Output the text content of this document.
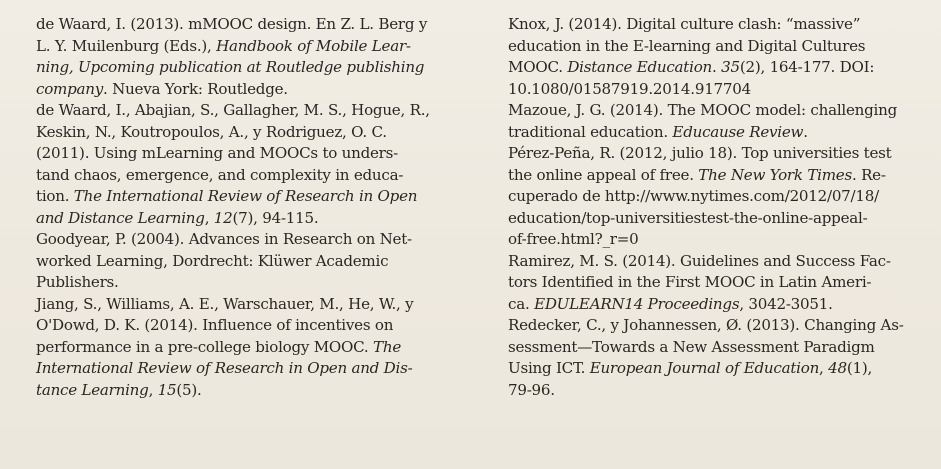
de Waard, I. (2013). mMOOC design. En Z. L. Berg y
L. Y. Muilenburg (Eds.), Handbook of Mobile Lear-
ning, Upcoming publication at Routledge publishing
company. Nueva York: Routledge.
de Waard, I., Abajian, S., Gallagher, M. S., Hogue, R.,
Keskin, N., Koutropoulos, A., y Rodriguez, O. C.
(2011). Using mLearning and MOOCs to unders-
tand chaos, emergence, and complexity in educa-
tion. The International Review of Research in Open
and Distance Learning, 12(7), 94-115.
Goodyear, P. (2004). Advances in Research on Net-
worked Learning, Dordrecht: Klüwer Academic
Publishers.
Jiang, S., Williams, A. E., Warschauer, M., He, W., y
O'Dowd, D. K. (2014). Influence of incentives on
performance in a pre-college biology MOOC. The
International Review of Research in Open and Dis-
tance Learning, 15(5).
Knox, J. (2014). Digital culture clash: “massive”
education in the E-learning and Digital Cultures
MOOC. Distance Education. 35(2), 164-177. DOI:
10.1080/01587919.2014.917704
Mazoue, J. G. (2014). The MOOC model: challenging
traditional education. Educause Review.
Pérez-Peña, R. (2012, julio 18). Top universities test
the online appeal of free. The New York Times. Re-
cuperado de http://www.nytimes.com/2012/07/18/
education/top-universitiestest-the-online-appeal-
of-free.html?_r=0
Ramirez, M. S. (2014). Guidelines and Success Fac-
tors Identified in the First MOOC in Latin Ameri-
ca. EDULEARN14 Proceedings, 3042-3051.
Redecker, C., y Johannessen, Ø. (2013). Changing As-
sessment—Towards a New Assessment Paradigm
Using ICT. European Journal of Education, 48(1),
79-96.
